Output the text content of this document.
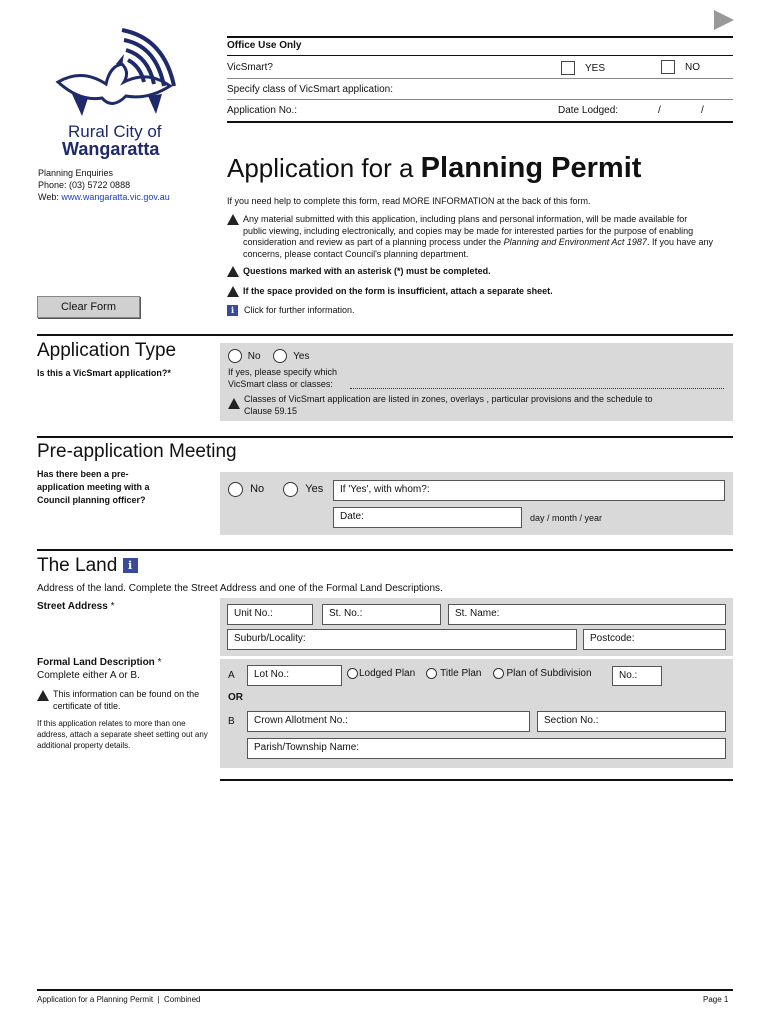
Rural City of
Wangaratta
Planning Enquiries
Phone: (03) 5722 0888
Web: www.wangaratta.vic.gov.au
Clear Form
Office Use Only
VicSmart?	YES	NO
Specify class of VicSmart application:
Application No.:	Date Lodged:	/	/
Application for a Planning Permit
If you need help to complete this form, read MORE INFORMATION at the back of this form.
Any material submitted with this application, including plans and personal information, will be made available for public viewing, including electronically, and copies may be made for interested parties for the purpose of enabling consideration and review as part of a planning process under the Planning and Environment Act 1987. If you have any concerns, please contact Council's planning department.
Questions marked with an asterisk (*) must be completed.
If the space provided on the form is insufficient, attach a separate sheet.
i Click for further information.
Application Type
Is this a VicSmart application?*
No	Yes
If yes, please specify which
VicSmart class or classes:
Classes of VicSmart application are listed in zones, overlays , particular provisions and the schedule to Clause 59.15
Pre-application Meeting
Has there been a pre-application meeting with a Council planning officer?
No	Yes	If 'Yes', with whom?:
Date:	day / month / year
The Land i
Address of the land. Complete the Street Address and one of the Formal Land Descriptions.
Street Address *
Unit No.:	St. No.:	St. Name:
Suburb/Locality:	Postcode:
Formal Land Description *
Complete either A or B.
This information can be found on the certificate of title.
If this application relates to more than one address, attach a separate sheet setting out any additional property details.
A	Lot No.:	Lodged Plan	Title Plan	Plan of Subdivision	No.:
OR
B	Crown Allotment No.:	Section No.:
Parish/Township Name:
Application for a Planning Permit  |  Combined	Page 1
